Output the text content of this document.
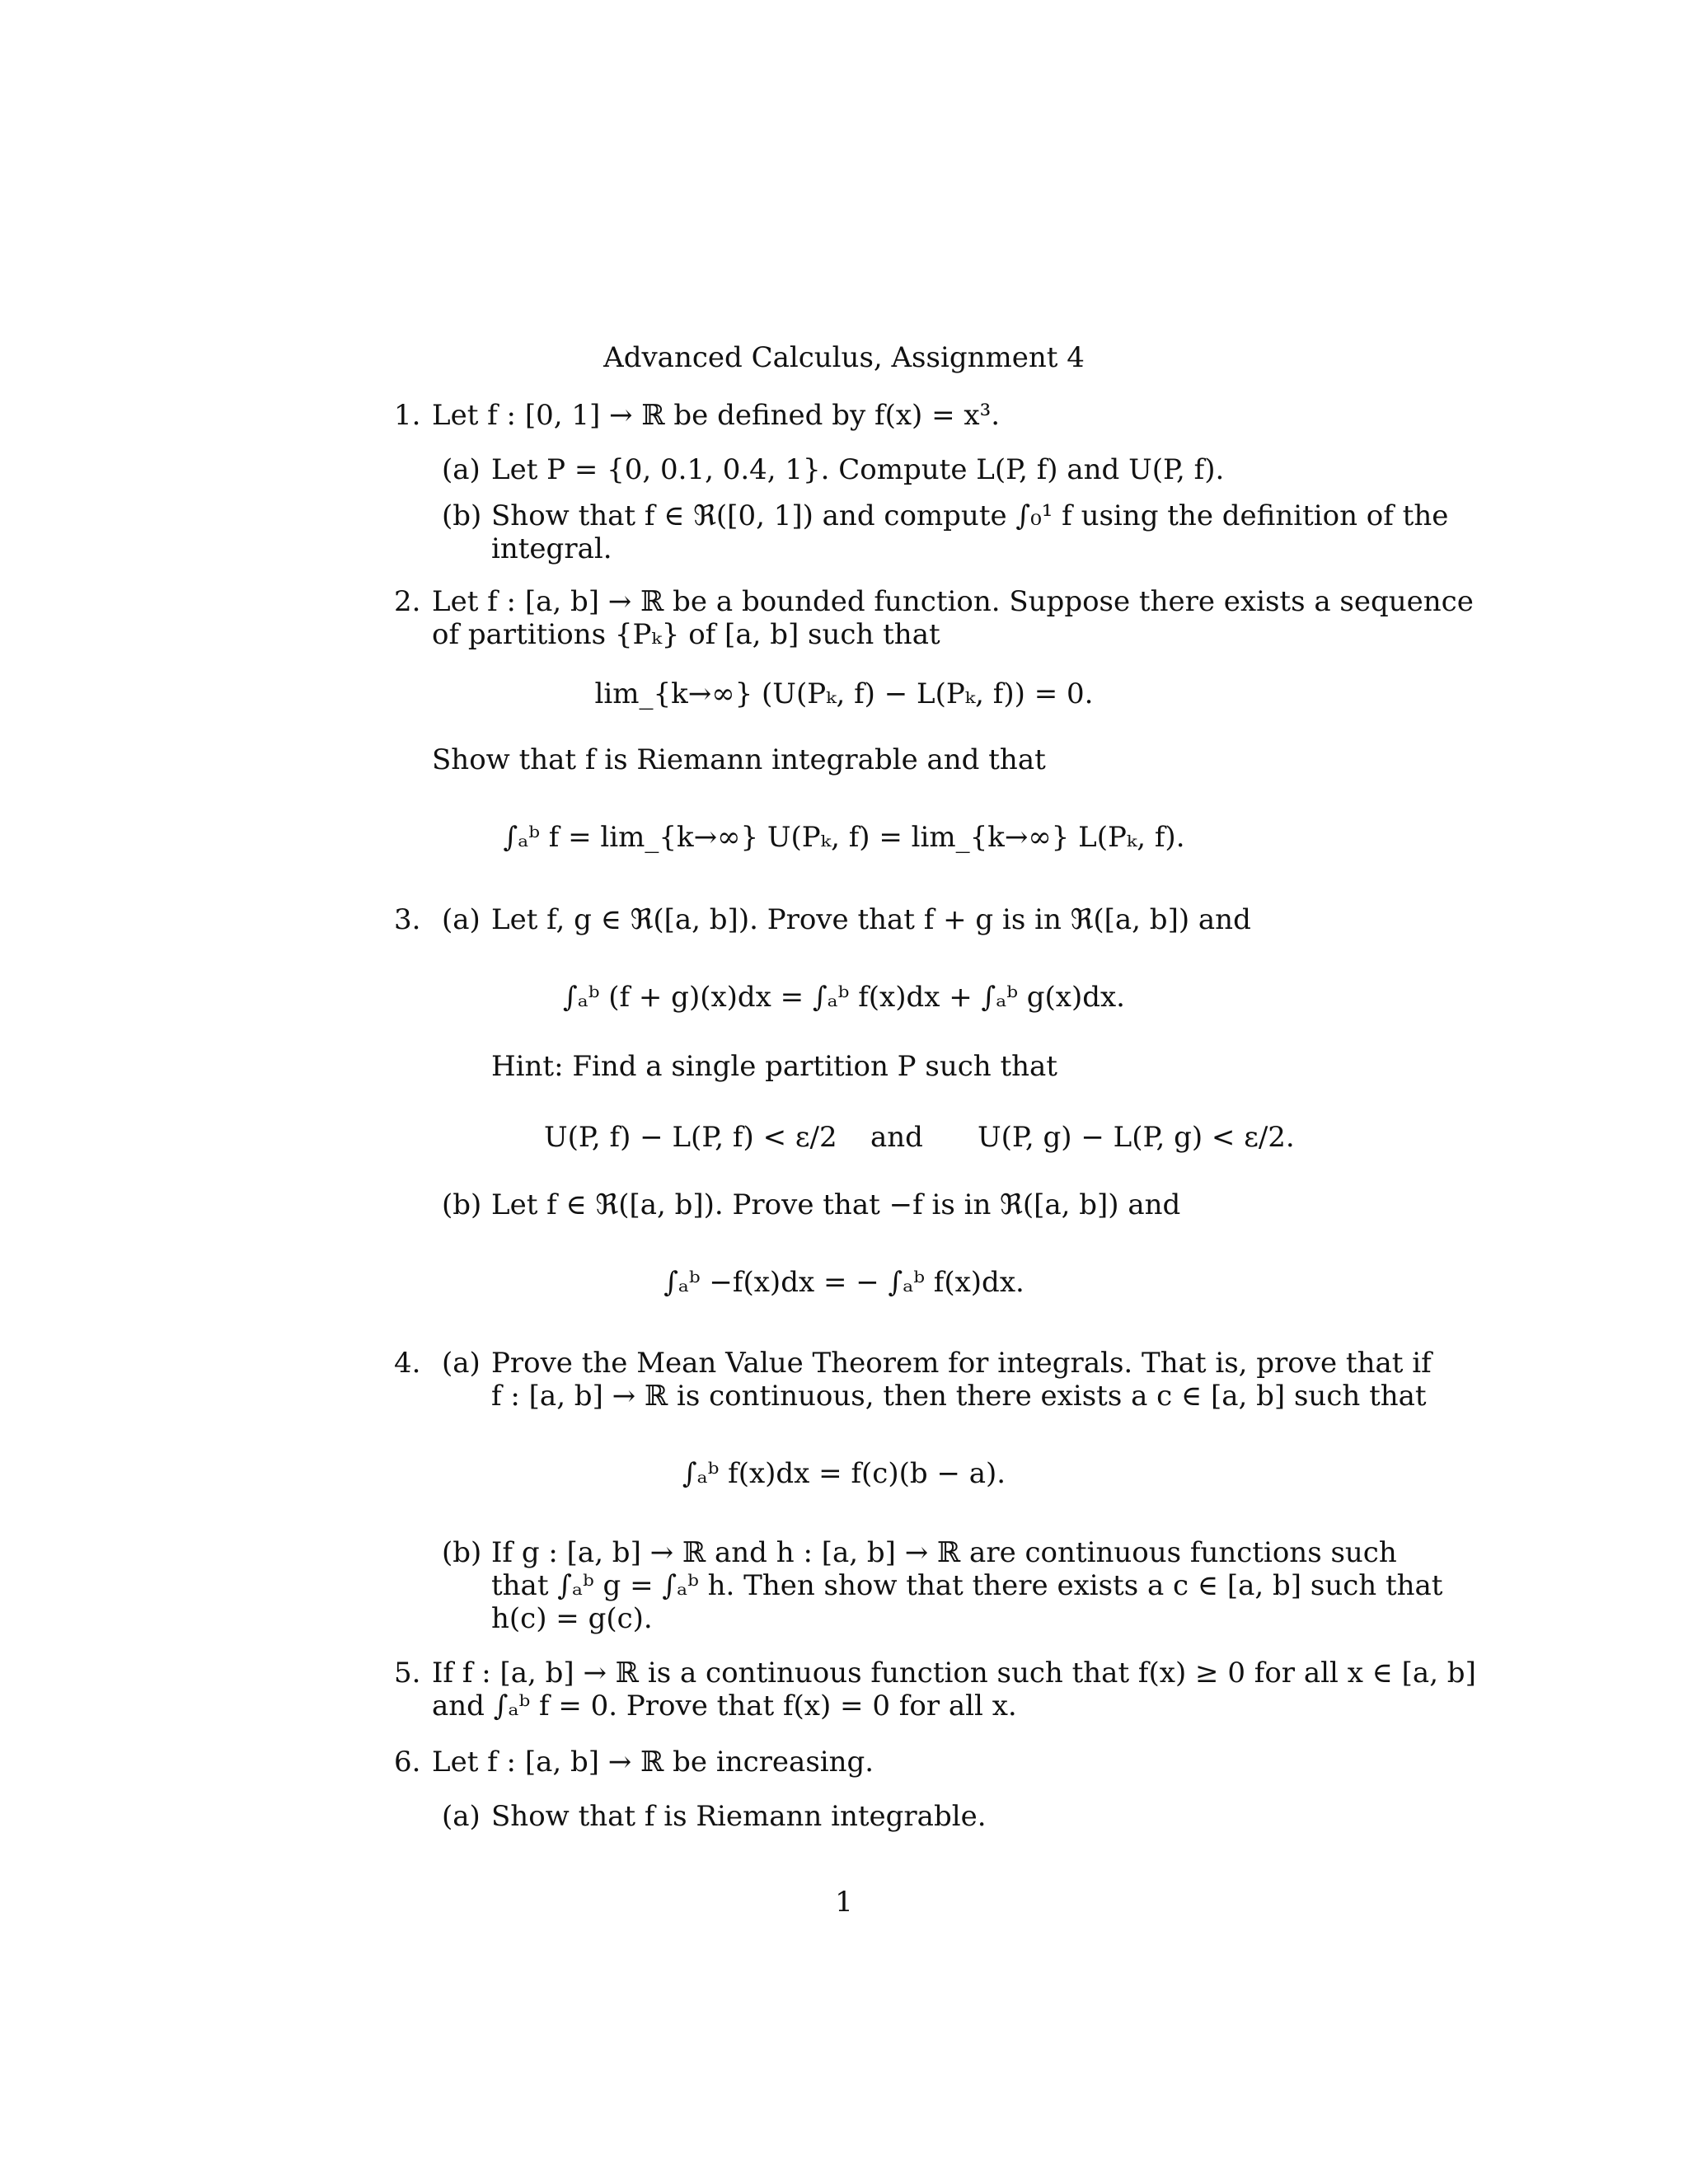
Advanced Calculus, Assignment 4
1. Let f : [0, 1] → ℝ be defined by f(x) = x³.
(a) Let P = {0, 0.1, 0.4, 1}. Compute L(P, f) and U(P, f).
(b) Show that f ∈ ℜ([0, 1]) and compute ∫₀¹ f using the definition of the
integral.
2. Let f : [a, b] → ℝ be a bounded function. Suppose there exists a sequence
of partitions {Pₖ} of [a, b] such that
lim_{k→∞} (U(Pₖ, f) − L(Pₖ, f)) = 0.
Show that f is Riemann integrable and that
∫ₐᵇ f = lim_{k→∞} U(Pₖ, f) = lim_{k→∞} L(Pₖ, f).
3. (a) Let f, g ∈ ℜ([a, b]). Prove that f + g is in ℜ([a, b]) and
∫ₐᵇ (f + g)(x)dx = ∫ₐᵇ f(x)dx + ∫ₐᵇ g(x)dx.
Hint: Find a single partition P such that
U(P, f) − L(P, f) < ε/2 and U(P, g) − L(P, g) < ε/2.
(b) Let f ∈ ℜ([a, b]). Prove that −f is in ℜ([a, b]) and
∫ₐᵇ −f(x)dx = − ∫ₐᵇ f(x)dx.
4. (a) Prove the Mean Value Theorem for integrals. That is, prove that if
f : [a, b] → ℝ is continuous, then there exists a c ∈ [a, b] such that
∫ₐᵇ f(x)dx = f(c)(b − a).
(b) If g : [a, b] → ℝ and h : [a, b] → ℝ are continuous functions such
that ∫ₐᵇ g = ∫ₐᵇ h. Then show that there exists a c ∈ [a, b] such that
h(c) = g(c).
5. If f : [a, b] → ℝ is a continuous function such that f(x) ≥ 0 for all x ∈ [a, b]
and ∫ₐᵇ f = 0. Prove that f(x) = 0 for all x.
6. Let f : [a, b] → ℝ be increasing.
(a) Show that f is Riemann integrable.
1
